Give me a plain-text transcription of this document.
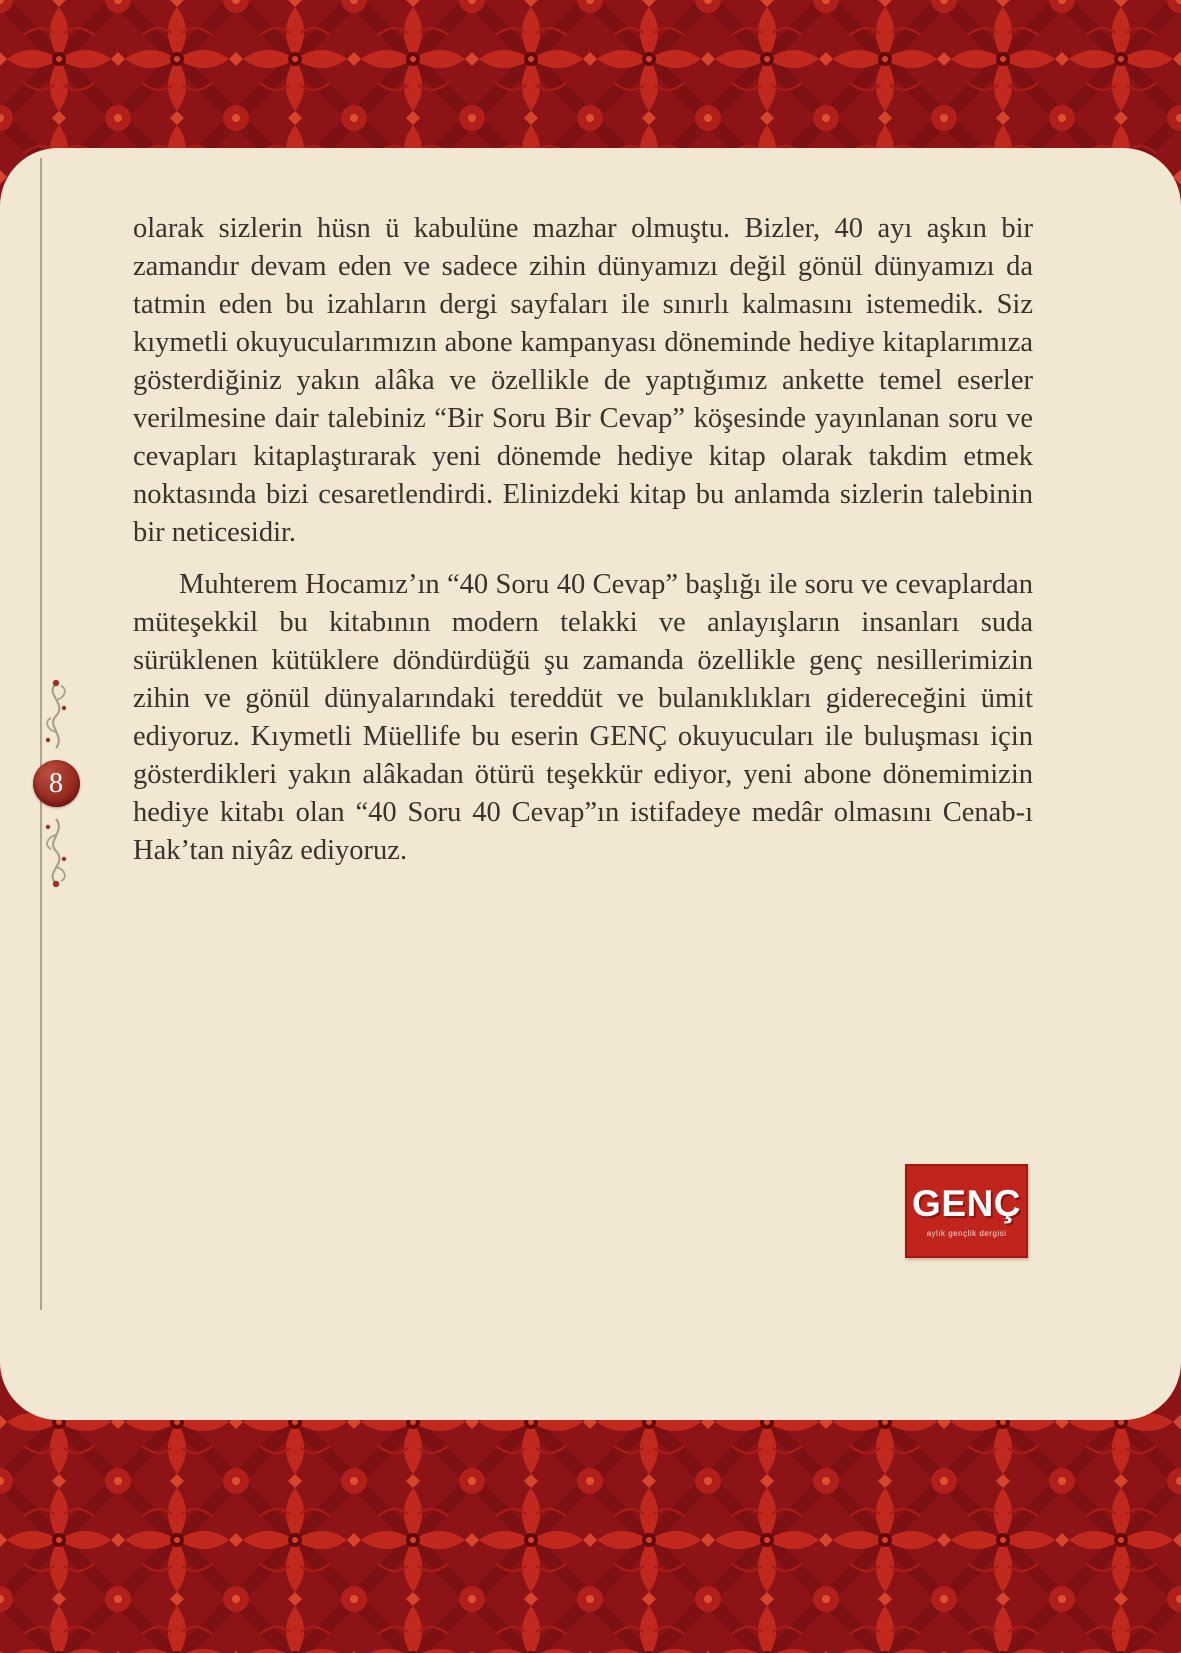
8

olarak sizlerin hüsn ü kabulüne mazhar olmuştu. Bizler, 40 ayı aşkın bir zamandır devam eden ve sadece zihin dünyamızı değil gönül dünyamızı da tatmin eden bu izahların dergi sayfaları ile sınırlı kalmasını istemedik. Siz kıymetli okuyucularımızın abone kampanyası döneminde hediye kitaplarımıza gösterdiğiniz yakın alâka ve özellikle de yaptığımız ankette temel eserler verilmesine dair talebiniz “Bir Soru Bir Cevap” köşesinde yayınlanan soru ve cevapları kitaplaştırarak yeni dönemde hediye kitap olarak takdim etmek noktasında bizi cesaretlendirdi. Elinizdeki kitap bu anlamda sizlerin talebinin bir neticesidir.

Muhterem Hocamız’ın “40 Soru 40 Cevap” başlığı ile soru ve cevaplardan müteşekkil bu kitabının modern telakki ve anlayışların insanları suda sürüklenen kütüklere döndürdüğü şu zamanda özellikle genç nesillerimizin zihin ve gönül dünyalarındaki tereddüt ve bulanıklıkları gidereceğini ümit ediyoruz. Kıymetli Müellife bu eserin GENÇ okuyucuları ile buluşması için gösterdikleri yakın alâkadan ötürü teşekkür ediyor, yeni abone dönemimizin hediye kitabı olan “40 Soru 40 Cevap”ın istifadeye medâr olmasını Cenab-ı Hak’tan niyâz ediyoruz.

GENÇ
aylık gençlik dergisi
